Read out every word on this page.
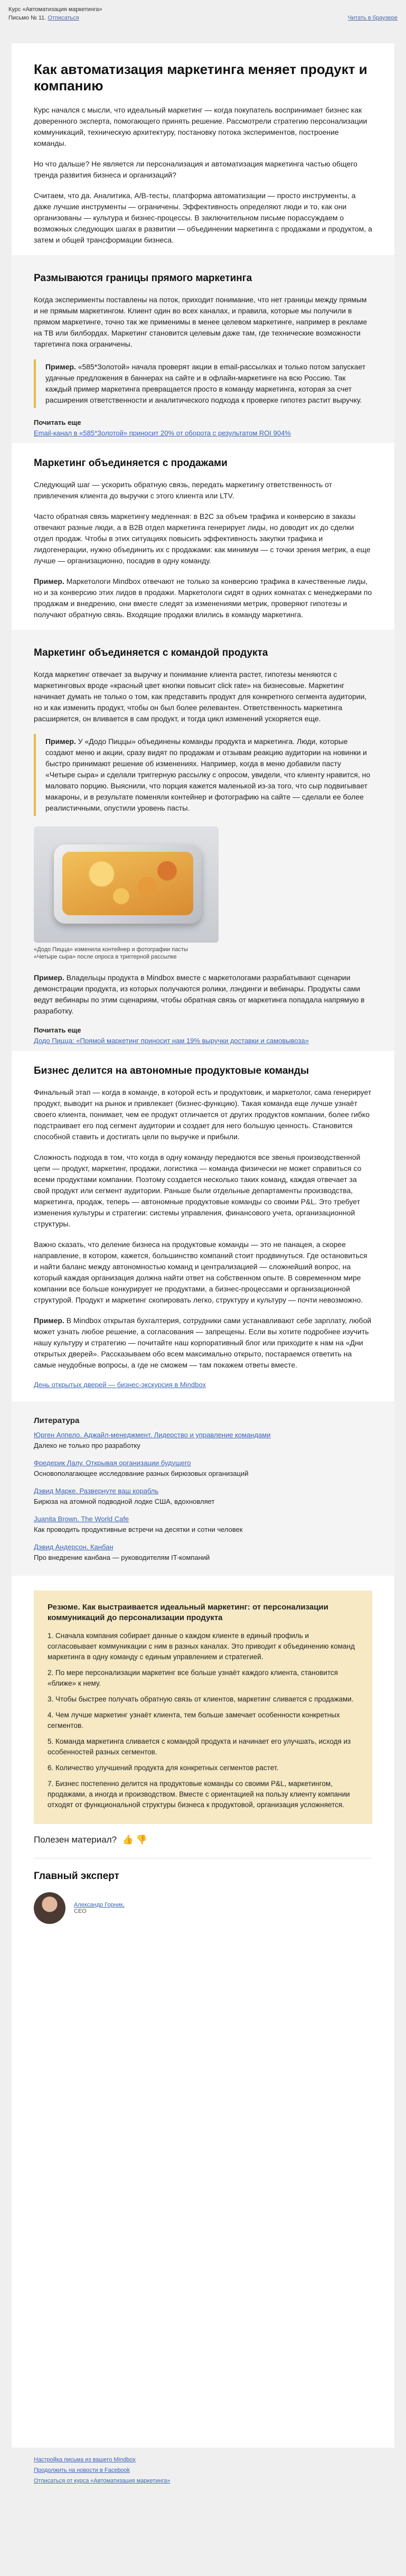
Курс «Автоматизация маркетинга»
Письмо № 11. Отписаться	Читать в браузере
Как автоматизация маркетинга меняет продукт и компанию

Курс начался с мысли, что идеальный маркетинг — когда покупатель воспринимает бизнес как доверенного эксперта, помогающего принять решение. Рассмотрели стратегию персонализации коммуникаций, техническую архитектуру, постановку потока экспериментов, построение команды.

Но что дальше? Не является ли персонализация и автоматизация маркетинга частью общего тренда развития бизнеса и организаций?

Считаем, что да. Аналитика, A/B-тесты, платформа автоматизации — просто инструменты, а даже лучшие инструменты — ограничены. Эффективность определяют люди и то, как они организованы — культура и бизнес-процессы. В заключительном письме порассуждаем о возможных следующих шагах в развитии — объединении маркетинга с продажами и продуктом, а затем и общей трансформации бизнеса.

Размываются границы прямого маркетинга

Когда эксперименты поставлены на поток, приходит понимание, что нет границы между прямым и не прямым маркетингом. Клиент один во всех каналах, и правила, которые мы получили в прямом маркетинге, точно так же применимы в менее целевом маркетинге, например в рекламе на ТВ или билбордах. Маркетинг становится целевым даже там, где технические возможности таргетинга пока ограничены.

Пример. «585*Золотой» начала проверят акции в email-рассылках и только потом запускает удачные предложения в баннерах на сайте и в офлайн-маркетинге на всю Россию. Так каждый пример маркетинга превращается просто в команду маркетинга, которая за счет расширения ответственности и аналитического подхода к проверке гипотез растит выручку.

Почитать еще
Email-канал в «585*Золотой» приносит 20% от оборота с результатом ROI 904%
Маркетинг объединяется с продажами

Следующий шаг — ускорить обратную связь, передать маркетингу ответственность от привлечения клиента до выручки с этого клиента или LTV.

Часто обратная связь маркетингу медленная: в B2C за объем трафика и конверсию в заказы отвечают разные люди, а в B2B отдел маркетинга генерирует лиды, но доводит их до сделки отдел продаж. Чтобы в этих ситуациях повысить эффективность закупки трафика и лидогенерации, нужно объединить их с продажами: как минимум — с точки зрения метрик, а еще лучше — организационно, посадив в одну команду.

Пример. Маркетологи Mindbox отвечают не только за конверсию трафика в качественные лиды, но и за конверсию этих лидов в продажи. Маркетологи сидят в одних комнатах с менеджерами по продажам и внедрению, они вместе следят за изменениями метрик, проверяют гипотезы и получают обратную связь. Входящие продажи влились в команду маркетинга.

Маркетинг объединяется с командой продукта

Когда маркетинг отвечает за выручку и понимание клиента растет, гипотезы меняются с маркетинговых вроде «красный цвет кнопки повысит click rate» на бизнесовые. Маркетинг начинает думать не только о том, как представить продукт для конкретного сегмента аудитории, но и как изменить продукт, чтобы он был более релевантен. Ответственность маркетинга расширяется, он вливается в сам продукт, и тогда цикл изменений ускоряется еще.

Пример. У «Додо Пиццы» объединены команды продукта и маркетинга. Люди, которые создают меню и акции, сразу видят по продажам и отзывам реакцию аудитории на новинки и быстро принимают решение об изменениях. Например, когда в меню добавили пасту «Четыре сыра» и сделали триггерную рассылку с опросом, увидели, что клиенту нравится, но маловато порцию. Выяснили, что порция кажется маленькой из-за того, что сыр подвигывает макароны, и в результате поменяли контейнер и фотографию на сайте — сделали ее более реалистичными, опустили уровень пасты.

«Додо Пицца» изменила контейнер и фотографии пасты «Четыре сыра» после опроса в триггерной рассылке

Пример. Владельцы продукта в Mindbox вместе с маркетологами разрабатывают сценарии демонстрации продукта, из которых получаются ролики, лэндинги и вебинары. Продукты сами ведут вебинары по этим сценариям, чтобы обратная связь от маркетинга попадала напрямую в разработку.

Почитать еще
Додо Пицца: «Прямой маркетинг приносит нам 19% выручки доставки и самовывоза»
Бизнес делится на автономные продуктовые команды

Финальный этап — когда в команде, в которой есть и продуктовик, и маркетолог, сама генерирует продукт, выводит на рынок и привлекает (бизнес-функцию). Такая команда еще лучше узнаёт своего клиента, понимает, чем ее продукт отличается от других продуктов компании, более гибко подстраивает его под сегмент аудитории и создает для него большую ценность. Становится способной ставить и достигать цели по выручке и прибыли.

Сложность подхода в том, что когда в одну команду передаются все звенья производственной цепи — продукт, маркетинг, продажи, логистика — команда физически не может справиться со всеми продуктами компании. Поэтому создается несколько таких команд, каждая отвечает за свой продукт или сегмент аудитории. Раньше были отдельные департаменты производства, маркетинга, продаж, теперь — автономные продуктовые команды со своими P&L. Это требует изменения культуры и стратегии: системы управления, финансового учета, организационной структуры.

Важно сказать, что деление бизнеса на продуктовые команды — это не панацея, а скорее направление, в котором, кажется, большинство компаний стоит продвинуться. Где остановиться и найти баланс между автономностью команд и централизацией — сложнейший вопрос, на который каждая организация должна найти ответ на собственном опыте. В современном мире компании все больше конкурирует не продуктами, а бизнес-процессами и организационной структурой. Продукт и маркетинг скопировать легко, структуру и культуру — почти невозможно.

Пример. В Mindbox открытая бухгалтерия, сотрудники сами устанавливают себе зарплату, любой может узнать любое решение, а согласования — запрещены. Если вы хотите подробнее изучить нашу культуру и стратегию — почитайте наш корпоративный блог или приходите к нам на «Дни открытых дверей». Рассказываем обо всем максимально открыто, постараемся ответить на самые неудобные вопросы, а где не сможем — там покажем ответы вместе.

День открытых дверей — бизнес-экскурсия в Mindbox
Литература
Юрген Аппело. Аджайл-менеджмент. Лидерство и управление командами

Далеко не только про разработку

Фредерик Лалу. Открывая организации будущего

Основополагающее исследование разных бирюзовых организаций

Дэвид Марке. Развернуте ваш корабль

Бирюза на атомной подводной лодке США, вдохновляет

Juanita Brown. The World Cafe

Как проводить продуктивные встречи на десятки и сотни человек

Дэвид Андерсон. Канбан

Про внедрение канбана — руководителям IT-компаний

Резюме. Как выстраивается идеальный маркетинг: от персонализации коммуникаций до персонализации продукта

1. Сначала компания собирает данные о каждом клиенте в единый профиль и согласовывает коммуникации с ним в разных каналах. Это приводит к объединению команд маркетинга в одну команду с единым управлением и стратегией.

2. По мере персонализации маркетинг все больше узнаёт каждого клиента, становится «ближе» к нему.

3. Чтобы быстрее получать обратную связь от клиентов, маркетинг сливается с продажами.

4. Чем лучше маркетинг узнаёт клиента, тем больше замечает особенности конкретных сегментов.

5. Команда маркетинга сливается с командой продукта и начинает его улучшать, исходя из особенностей разных сегментов.

6. Количество улучшений продукта для конкретных сегментов растет.

7. Бизнес постепенно делится на продуктовые команды со своими P&L, маркетингом, продажами, а иногда и производством. Вместе с ориентацией на пользу клиенту компании отходят от функциональной структуры бизнеса к продуктовой, организация усложняется.

Полезен материал? 👍 👎
Главный эксперт
Александр Горник,
CEO
Настройка письма из вашего Mindbox
Продолжить на новости в Facebook
Отписаться от курса «Автоматизация маркетинга»
